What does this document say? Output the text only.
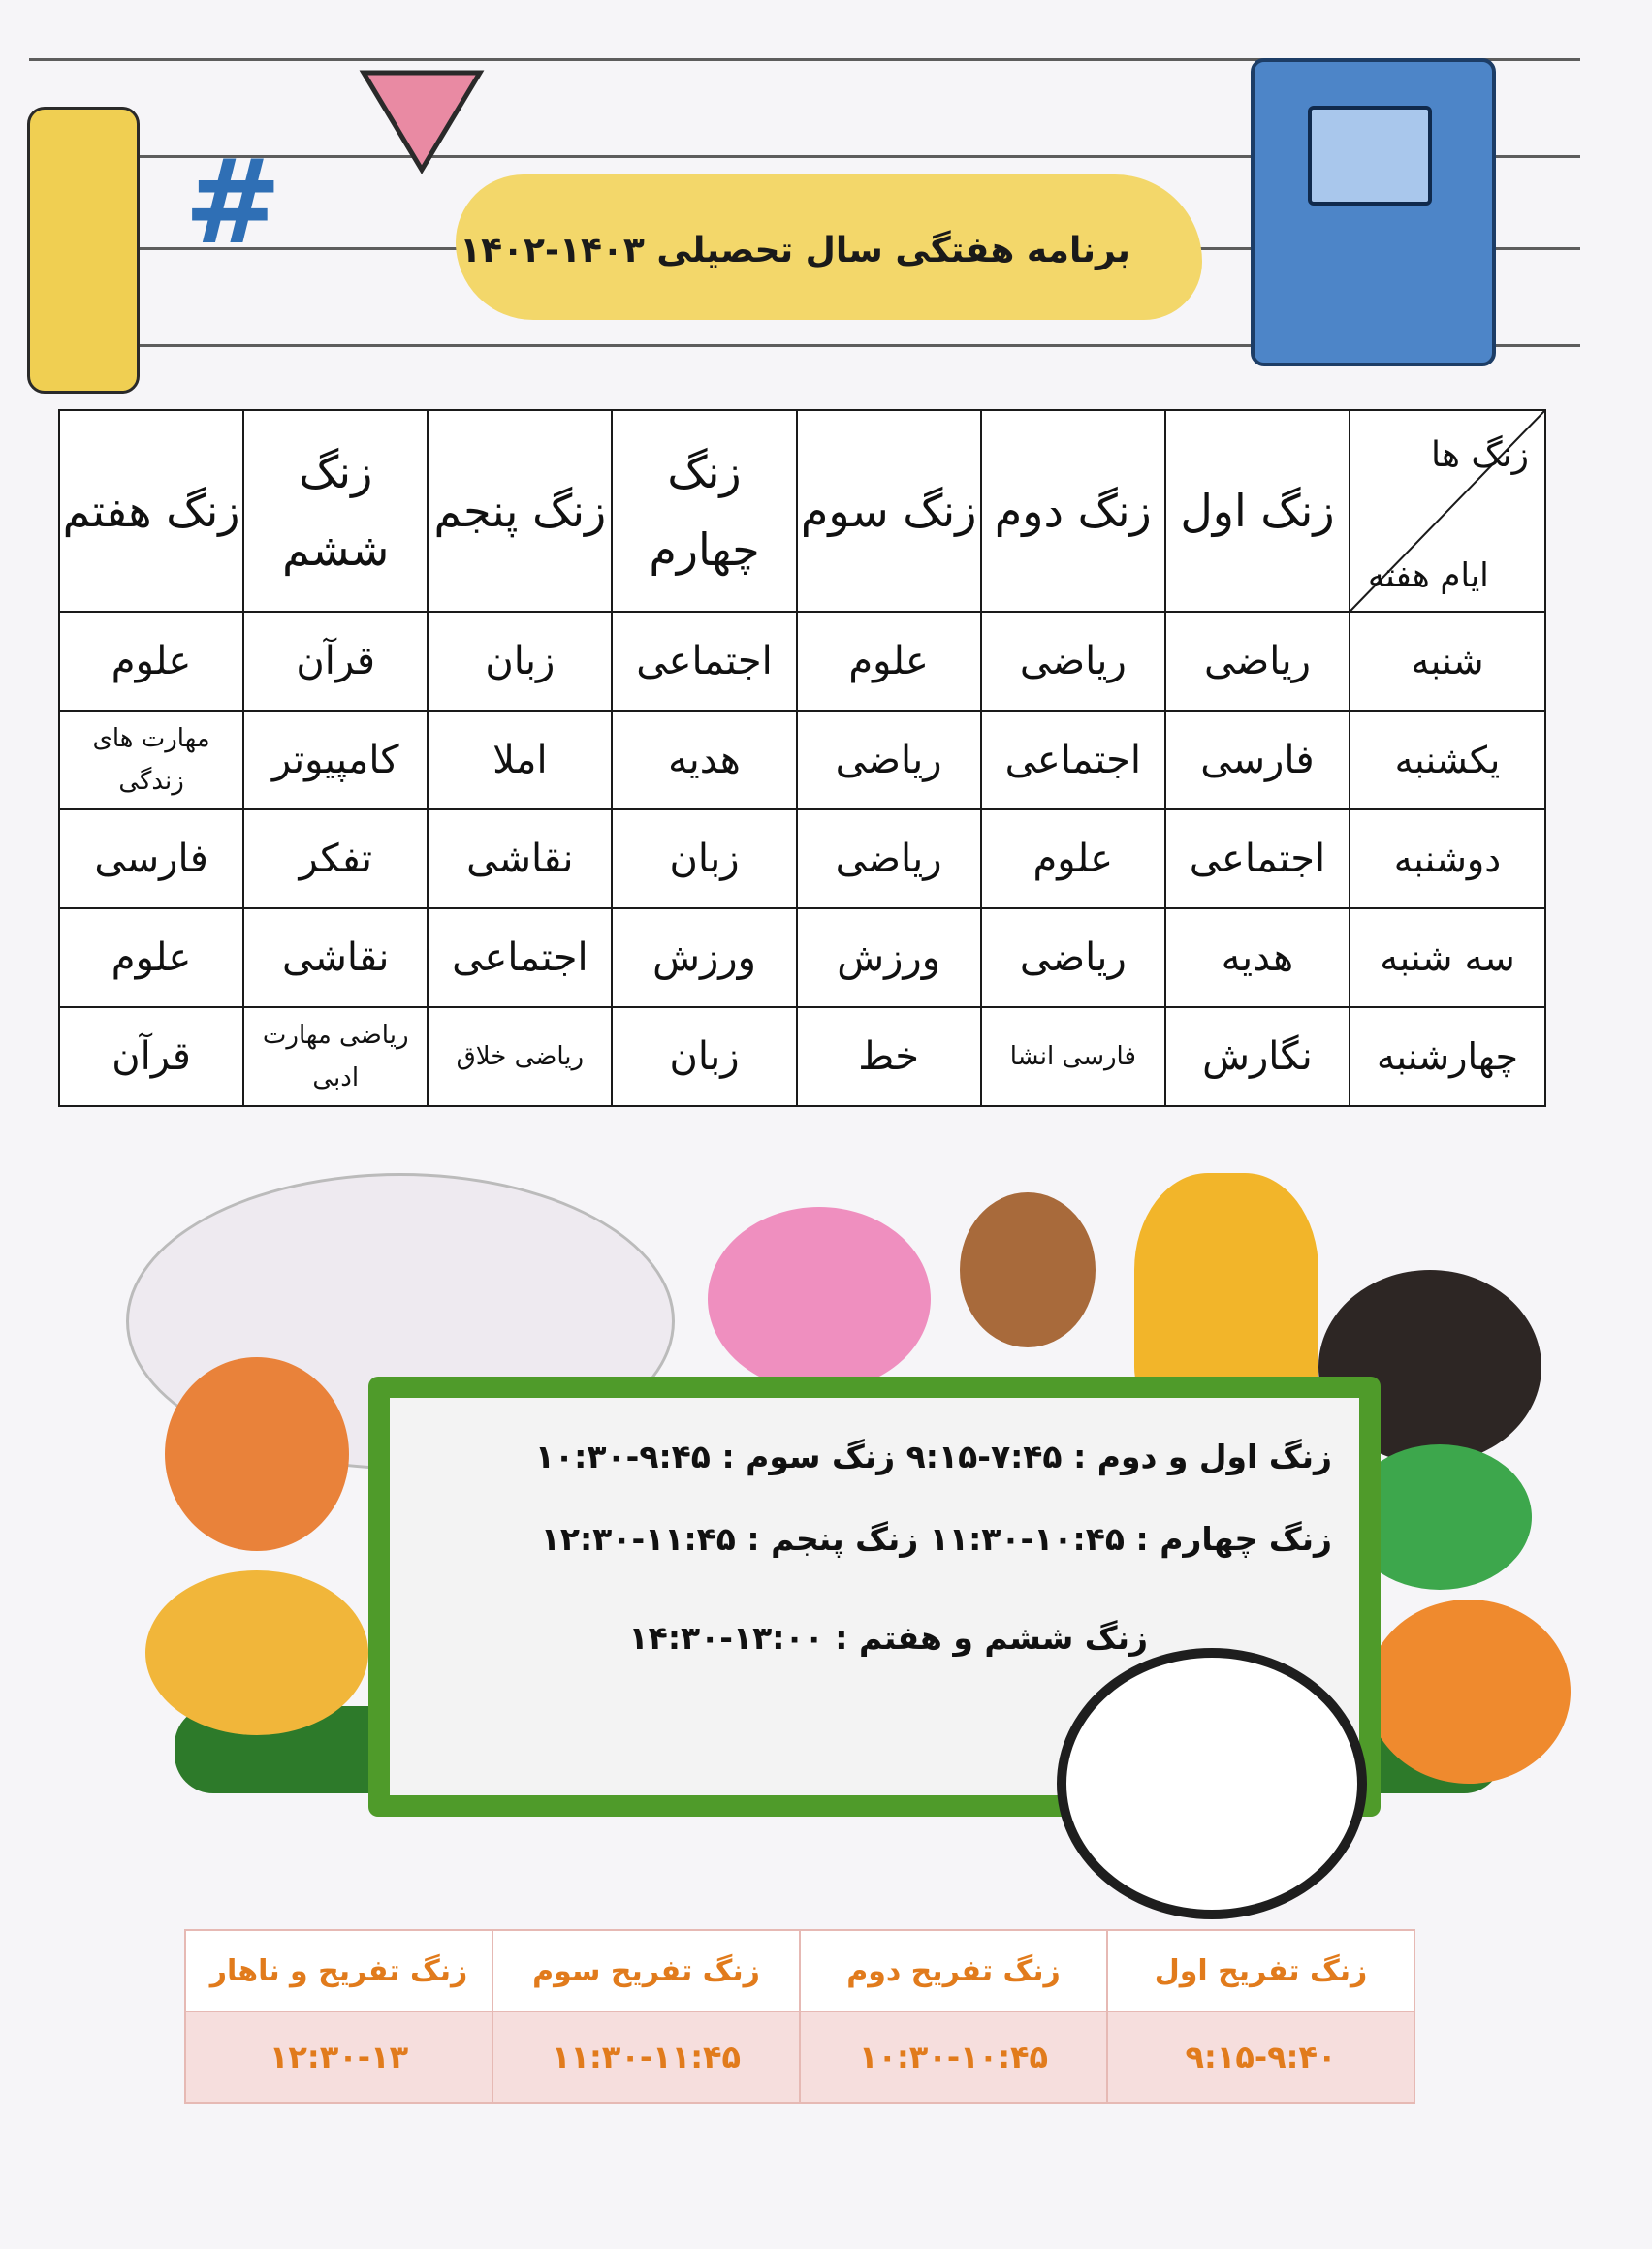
#	برنامه هفتگی سال تحصیلی ۱۴۰۳-۱۴۰۲
زنگ ها
ایام هفته	زنگ اول	زنگ دوم	زنگ سوم	زنگ چهارم	زنگ پنجم	زنگ ششم	زنگ هفتم
شنبه	ریاضی	ریاضی	علوم	اجتماعی	زبان	قرآن	علوم
یکشنبه	فارسی	اجتماعی	ریاضی	هدیه	املا	کامپیوتر	مهارت های زندگی
دوشنبه	اجتماعی	علوم	ریاضی	زبان	نقاشی	تفکر	فارسی
سه شنبه	هدیه	ریاضی	ورزش	ورزش	اجتماعی	نقاشی	علوم
چهارشنبه	نگارش	فارسی انشا	خط	زبان	ریاضی خلاق	ریاضی مهارت ادبی	قرآن
زنگ اول و دوم : ۷:۴۵-۹:۱۵ زنگ سوم : ۹:۴۵-۱۰:۳۰
زنگ چهارم : ۱۰:۴۵-۱۱:۳۰ زنگ پنجم : ۱۱:۴۵-۱۲:۳۰
زنگ ششم و هفتم : ۱۳:۰۰-۱۴:۳۰
زنگ تفریح اول	زنگ تفریح دوم	زنگ تفریح سوم	زنگ تفریح و ناهار
۹:۱۵-۹:۴۰	۱۰:۳۰-۱۰:۴۵	۱۱:۳۰-۱۱:۴۵	۱۲:۳۰-۱۳
